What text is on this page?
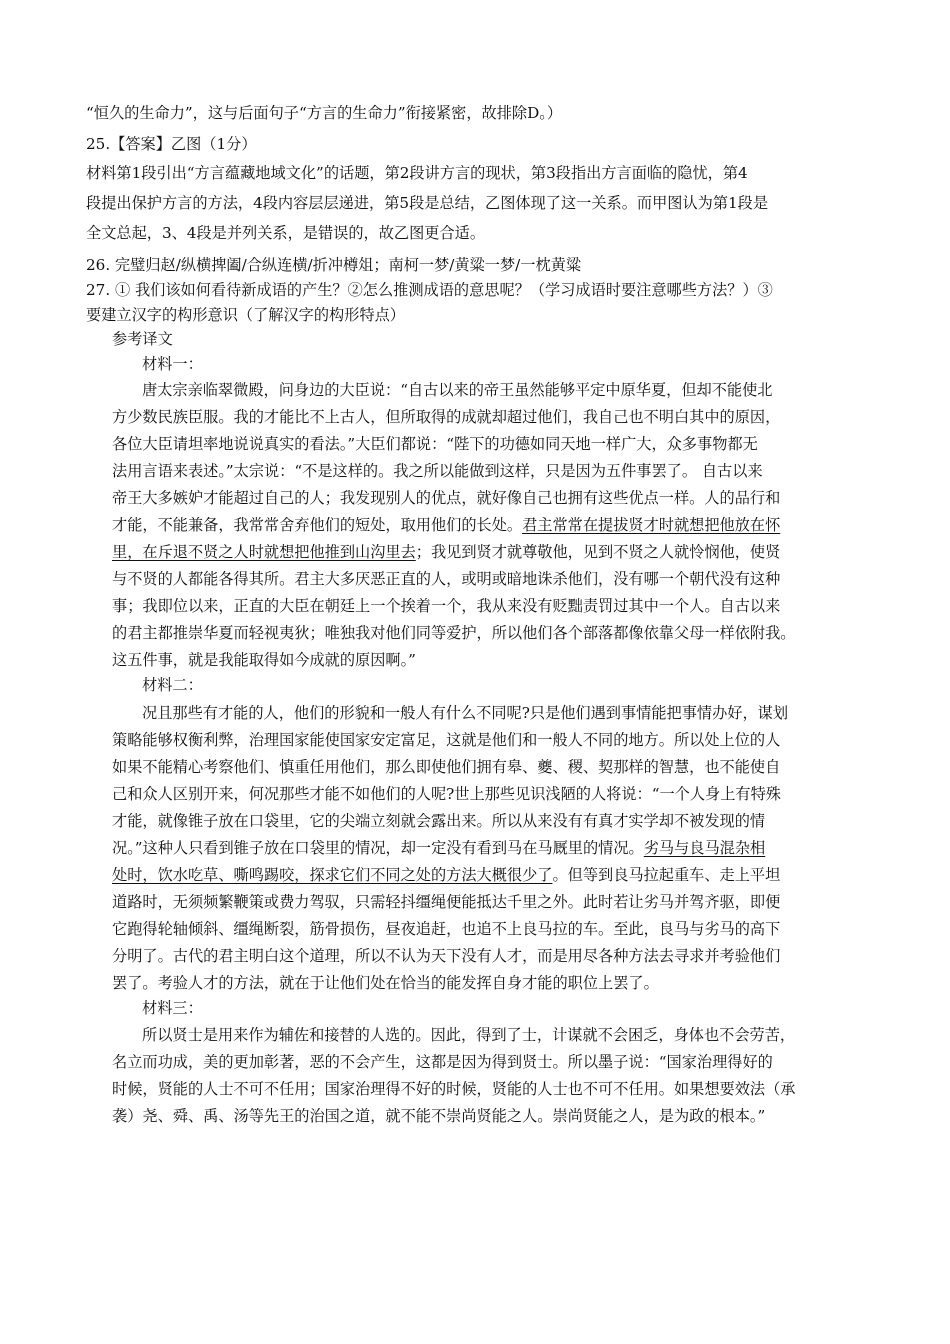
“恒久的生命力”，这与后面句子“方言的生命力”衔接紧密，故排除D。）
25.【答案】乙图（1分）
材料第1段引出“方言蕴藏地域文化”的话题，第2段讲方言的现状，第3段指出方言面临的隐忧，第4
段提出保护方言的方法，4段内容层层递进，第5段是总结，乙图体现了这一关系。而甲图认为第1段是
全文总起，3、4段是并列关系，是错误的，故乙图更合适。
26. 完璧归赵/纵横捭阖/合纵连横/折冲樽俎；南柯一梦/黄粱一梦/一枕黄粱
27. ① 我们该如何看待新成语的产生？②怎么推测成语的意思呢？（学习成语时要注意哪些方法？）③
要建立汉字的构形意识（了解汉字的构形特点）
参考译文
材料一：
唐太宗亲临翠微殿，问身边的大臣说：“自古以来的帝王虽然能够平定中原华夏，但却不能使北
方少数民族臣服。我的才能比不上古人，但所取得的成就却超过他们，我自己也不明白其中的原因，
各位大臣请坦率地说说真实的看法。”大臣们都说：“陛下的功德如同天地一样广大，众多事物都无
法用言语来表述。”太宗说：“不是这样的。我之所以能做到这样，只是因为五件事罢了。 自古以来
帝王大多嫉妒才能超过自己的人；我发现别人的优点，就好像自己也拥有这些优点一样。人的品行和
才能，不能兼备，我常常舍弃他们的短处，取用他们的长处。君主常常在提拔贤才时就想把他放在怀
里，在斥退不贤之人时就想把他推到山沟里去；我见到贤才就尊敬他，见到不贤之人就怜悯他，使贤
与不贤的人都能各得其所。君主大多厌恶正直的人，或明或暗地诛杀他们，没有哪一个朝代没有这种
事；我即位以来，正直的大臣在朝廷上一个挨着一个，我从来没有贬黜责罚过其中一个人。自古以来
的君主都推崇华夏而轻视夷狄；唯独我对他们同等爱护，所以他们各个部落都像依靠父母一样依附我。
这五件事，就是我能取得如今成就的原因啊。”
材料二：
况且那些有才能的人，他们的形貌和一般人有什么不同呢?只是他们遇到事情能把事情办好，谋划
策略能够权衡利弊，治理国家能使国家安定富足，这就是他们和一般人不同的地方。所以处上位的人
如果不能精心考察他们、慎重任用他们，那么即使他们拥有皋、夔、稷、契那样的智慧，也不能使自
己和众人区别开来，何况那些才能不如他们的人呢?世上那些见识浅陋的人将说：“一个人身上有特殊
才能，就像锥子放在口袋里，它的尖端立刻就会露出来。所以从来没有有真才实学却不被发现的情
况。”这种人只看到锥子放在口袋里的情况，却一定没有看到马在马厩里的情况。劣马与良马混杂相
处时，饮水吃草、嘶鸣踢咬，探求它们不同之处的方法大概很少了。但等到良马拉起重车、走上平坦
道路时，无须频繁鞭策或费力驾驭，只需轻抖缰绳便能抵达千里之外。此时若让劣马并驾齐驱，即便
它跑得轮轴倾斜、缰绳断裂，筋骨损伤，昼夜追赶，也追不上良马拉的车。至此，良马与劣马的高下
分明了。古代的君主明白这个道理，所以不认为天下没有人才，而是用尽各种方法去寻求并考验他们
罢了。考验人才的方法，就在于让他们处在恰当的能发挥自身才能的职位上罢了。
材料三：
所以贤士是用来作为辅佐和接替的人选的。因此，得到了士，计谋就不会困乏，身体也不会劳苦，
名立而功成，美的更加彰著，恶的不会产生，这都是因为得到贤士。所以墨子说：“国家治理得好的
时候，贤能的人士不可不任用；国家治理得不好的时候，贤能的人士也不可不任用。如果想要效法（承
袭）尧、舜、禹、汤等先王的治国之道，就不能不崇尚贤能之人。崇尚贤能之人，是为政的根本。”
